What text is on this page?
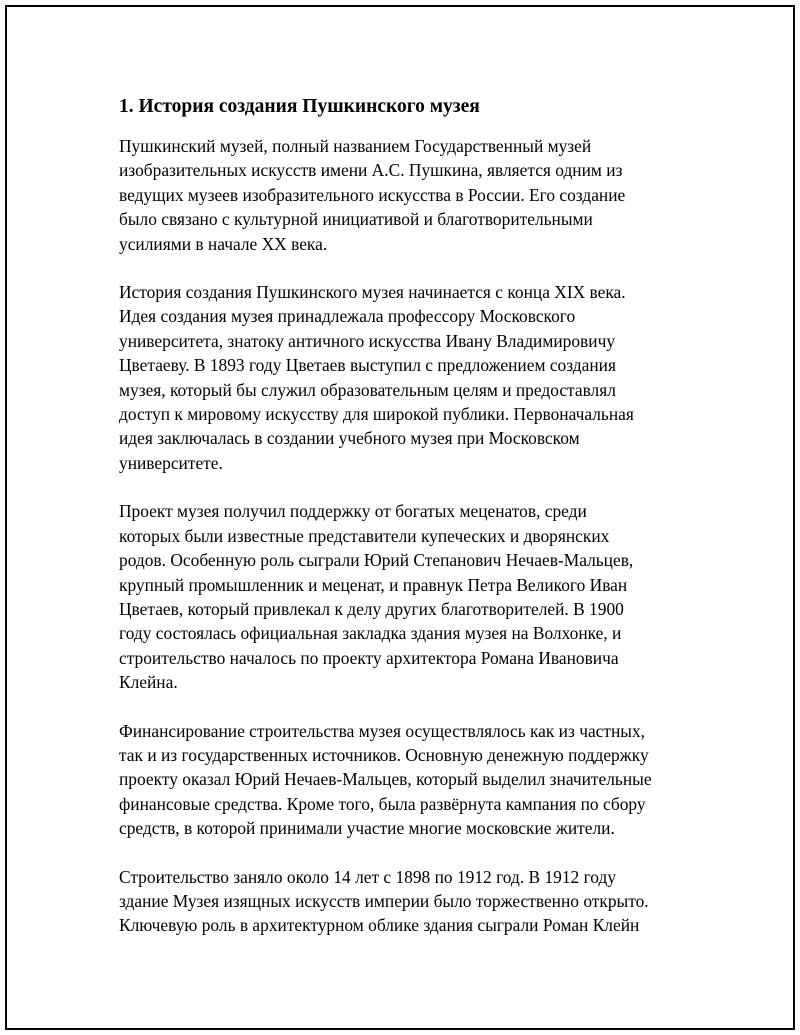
1. История создания Пушкинского музея

Пушкинский музей, полный названием Государственный музей
изобразительных искусств имени А.С. Пушкина, является одним из
ведущих музеев изобразительного искусства в России. Его создание
было связано с культурной инициативой и благотворительными
усилиями в начале XX века.

История создания Пушкинского музея начинается с конца XIX века.
Идея создания музея принадлежала профессору Московского
университета, знатоку античного искусства Ивану Владимировичу
Цветаеву. В 1893 году Цветаев выступил с предложением создания
музея, который бы служил образовательным целям и предоставлял
доступ к мировому искусству для широкой публики. Первоначальная
идея заключалась в создании учебного музея при Московском
университете.

Проект музея получил поддержку от богатых меценатов, среди
которых были известные представители купеческих и дворянских
родов. Особенную роль сыграли Юрий Степанович Нечаев-Мальцев,
крупный промышленник и меценат, и правнук Петра Великого Иван
Цветаев, который привлекал к делу других благотворителей. В 1900
году состоялась официальная закладка здания музея на Волхонке, и
строительство началось по проекту архитектора Романа Ивановича
Клейна.

Финансирование строительства музея осуществлялось как из частных,
так и из государственных источников. Основную денежную поддержку
проекту оказал Юрий Нечаев-Мальцев, который выделил значительные
финансовые средства. Кроме того, была развёрнута кампания по сбору
средств, в которой принимали участие многие московские жители.

Строительство заняло около 14 лет с 1898 по 1912 год. В 1912 году
здание Музея изящных искусств империи было торжественно открыто.
Ключевую роль в архитектурном облике здания сыграли Роман Клейн
